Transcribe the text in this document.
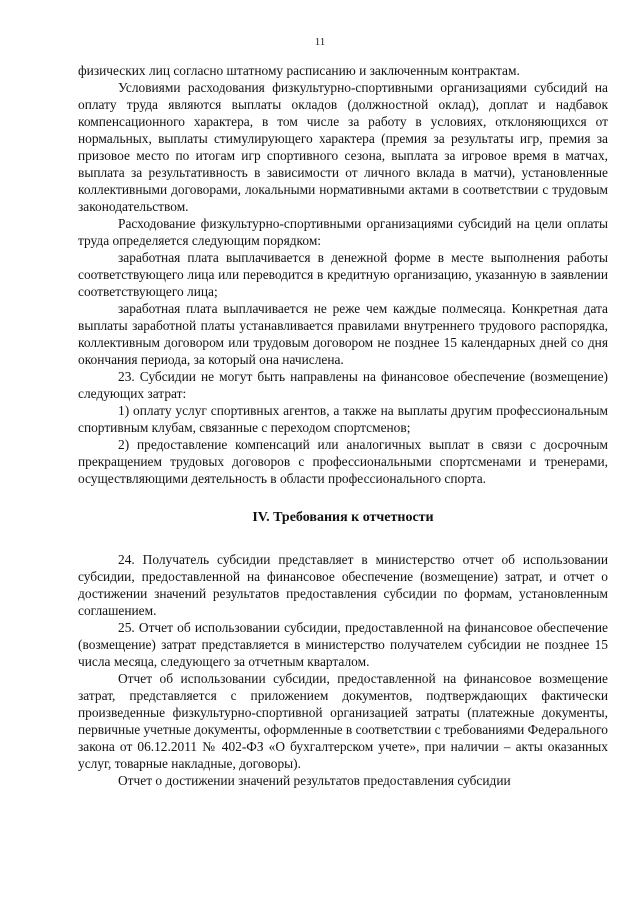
11

физических лиц согласно штатному расписанию и заключенным контрактам.

Условиями расходования физкультурно-спортивными организациями субсидий на оплату труда являются выплаты окладов (должностной оклад), доплат и надбавок компенсационного характера, в том числе за работу в условиях, отклоняющихся от нормальных, выплаты стимулирующего характера (премия за результаты игр, премия за призовое место по итогам игр спортивного сезона, выплата за игровое время в матчах, выплата за результативность в зависимости от личного вклада в матчи), установленные коллективными договорами, локальными нормативными актами в соответствии с трудовым законодательством.

Расходование физкультурно-спортивными организациями субсидий на цели оплаты труда определяется следующим порядком:

заработная плата выплачивается в денежной форме в месте выполнения работы соответствующего лица или переводится в кредитную организацию, указанную в заявлении соответствующего лица;

заработная плата выплачивается не реже чем каждые полмесяца. Конкретная дата выплаты заработной платы устанавливается правилами внутреннего трудового распорядка, коллективным договором или трудовым договором не позднее 15 календарных дней со дня окончания периода, за который она начислена.

23. Субсидии не могут быть направлены на финансовое обеспечение (возмещение) следующих затрат:

1) оплату услуг спортивных агентов, а также на выплаты другим профессиональным спортивным клубам, связанные с переходом спортсменов;

2) предоставление компенсаций или аналогичных выплат в связи с досрочным прекращением трудовых договоров с профессиональными спортсменами и тренерами, осуществляющими деятельность в области профессионального спорта.

IV. Требования к отчетности

24. Получатель субсидии представляет в министерство отчет об использовании субсидии, предоставленной на финансовое обеспечение (возмещение) затрат, и отчет о достижении значений результатов предоставления субсидии по формам, установленным соглашением.

25. Отчет об использовании субсидии, предоставленной на финансовое обеспечение (возмещение) затрат представляется в министерство получателем субсидии не позднее 15 числа месяца, следующего за отчетным кварталом.

Отчет об использовании субсидии, предоставленной на финансовое возмещение затрат, представляется с приложением документов, подтверждающих фактически произведенные физкультурно-спортивной организацией затраты (платежные документы, первичные учетные документы, оформленные в соответствии с требованиями Федерального закона от 06.12.2011 № 402-ФЗ «О бухгалтерском учете», при наличии – акты оказанных услуг, товарные накладные, договоры).

Отчет о достижении значений результатов предоставления субсидии
